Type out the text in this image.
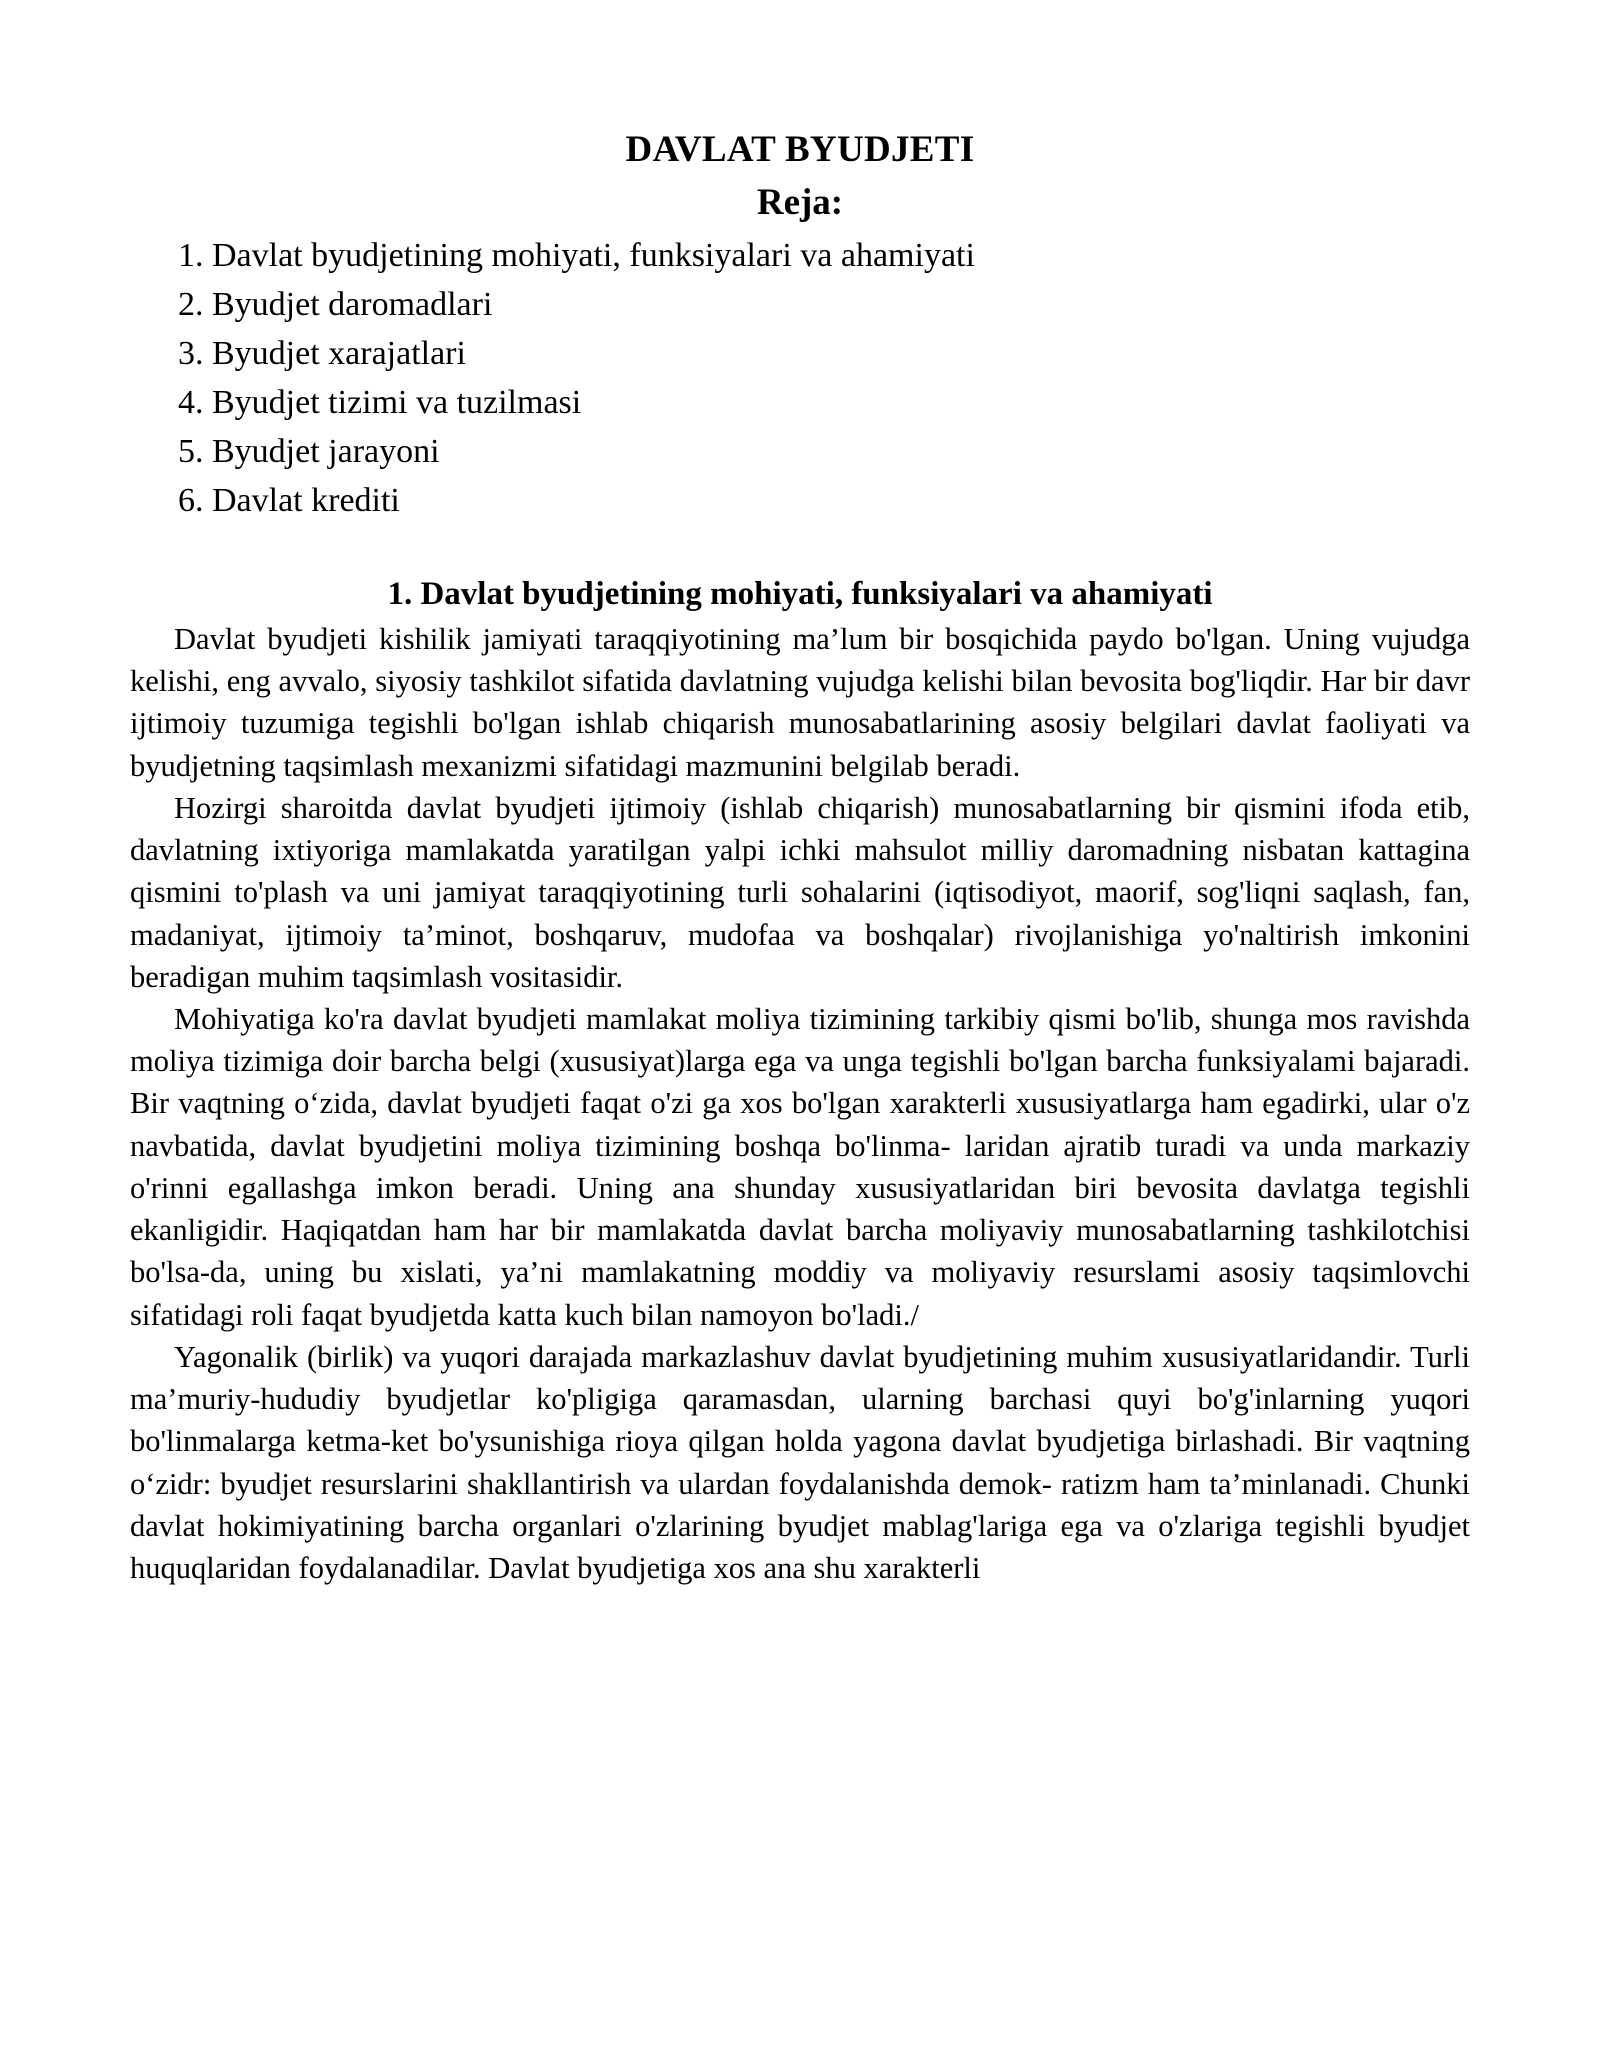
DAVLAT BYUDJETI
Reja:
1. Davlat byudjetining mohiyati, funksiyalari va ahamiyati
2. Byudjet daromadlari
3. Byudjet xarajatlari
4. Byudjet tizimi va tuzilmasi
5. Byudjet jarayoni
6. Davlat krediti
1. Davlat byudjetining mohiyati, funksiyalari va ahamiyati

Davlat byudjeti kishilik jamiyati taraqqiyotining ma’lum bir bosqichida paydo bo'lgan. Uning vujudga kelishi, eng avvalo, siyosiy tashkilot sifatida davlatning vujudga kelishi bilan bevosita bog'liqdir. Har bir davr ijtimoiy tuzumiga tegishli bo'lgan ishlab chiqarish munosabatlarining asosiy belgilari davlat faoliyati va byudjetning taqsimlash mexanizmi sifatidagi mazmunini belgilab beradi.

Hozirgi sharoitda davlat byudjeti ijtimoiy (ishlab chiqarish) munosabatlarning bir qismini ifoda etib, davlatning ixtiyoriga mamlakatda yaratilgan yalpi ichki mahsulot milliy daromadning nisbatan kattagina qismini to'plash va uni jamiyat taraqqiyotining turli sohalarini (iqtisodiyot, maorif, sog'liqni saqlash, fan, madaniyat, ijtimoiy ta’minot, boshqaruv, mudofaa va boshqalar) rivojlanishiga yo'naltirish imkonini beradigan muhim taqsimlash vositasidir.

Mohiyatiga ko'ra davlat byudjeti mamlakat moliya tizimining tarkibiy qismi bo'lib, shunga mos ravishda moliya tizimiga doir barcha belgi (xususiyat)larga ega va unga tegishli bo'lgan barcha funksiyalami bajaradi. Bir vaqtning o‘zida, davlat byudjeti faqat o'zi ga xos bo'lgan xarakterli xususiyatlarga ham egadirki, ular o'z navbatida, davlat byudjetini moliya tizimining boshqa bo'linma- laridan ajratib turadi va unda markaziy o'rinni egallashga imkon beradi. Uning ana shunday xususiyatlaridan biri bevosita davlatga tegishli ekanligidir. Haqiqatdan ham har bir mamlakatda davlat barcha moliyaviy munosabatlarning tashkilotchisi bo'lsa-da, uning bu xislati, ya’ni mamlakatning moddiy va moliyaviy resurslami asosiy taqsimlovchi sifatidagi roli faqat byudjetda katta kuch bilan namoyon bo'ladi./

Yagonalik (birlik) va yuqori darajada markazlashuv davlat byudjetining muhim xususiyatlaridandir. Turli ma’muriy-hududiy byudjetlar ko'pligiga qaramasdan, ularning barchasi quyi bo'g'inlarning yuqori bo'linmalarga ketma-ket bo'ysunishiga rioya qilgan holda yagona davlat byudjetiga birlashadi. Bir vaqtning o‘zidr: byudjet resurslarini shakllantirish va ulardan foydalanishda demok- ratizm ham ta’minlanadi. Chunki davlat hokimiyatining barcha organlari o'zlarining byudjet mablag'lariga ega va o'zlariga tegishli byudjet huquqlaridan foydalanadilar. Davlat byudjetiga xos ana shu xarakterli
